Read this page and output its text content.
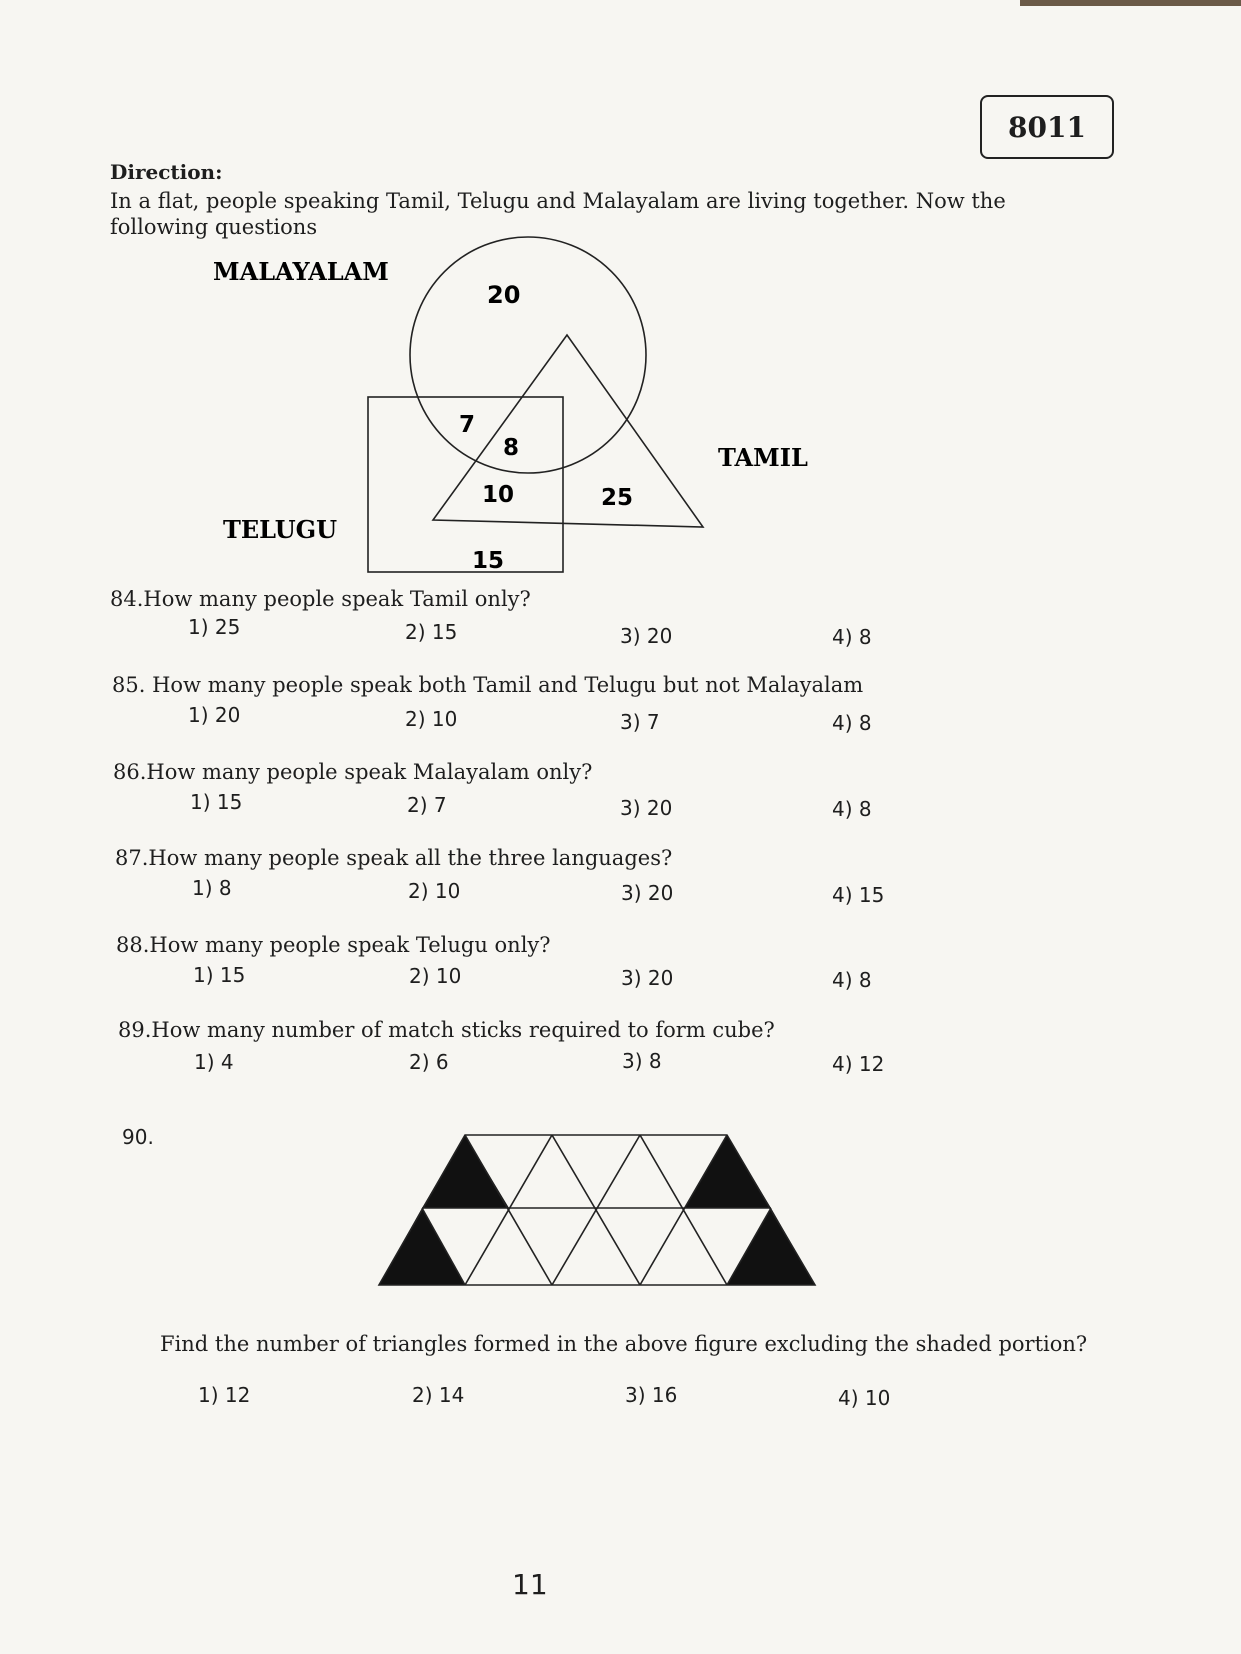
8011
Direction:
In a flat, people speaking Tamil, Telugu and Malayalam are living together. Now the following questions
MALAYALAM
TAMIL
TELUGU
20
7
8
10	25
15
84.How many people speak Tamil only?
1) 25	2) 15	3) 20	4) 8
85. How many people speak both Tamil and Telugu but not Malayalam
1) 20	2) 10	3) 7	4) 8
86.How many people speak Malayalam only?
1) 15	2) 7	3) 20	4) 8
87.How many people speak all the three languages?
1) 8	2) 10	3) 20	4) 15
88.How many people speak Telugu only?
1) 15	2) 10	3) 20	4) 8
89.How many number of match sticks required to form cube?
1) 4	2) 6	3) 8	4) 12
90.
Find the number of triangles formed in the above figure excluding the shaded portion?
1) 12	2) 14	3) 16	4) 10
11
